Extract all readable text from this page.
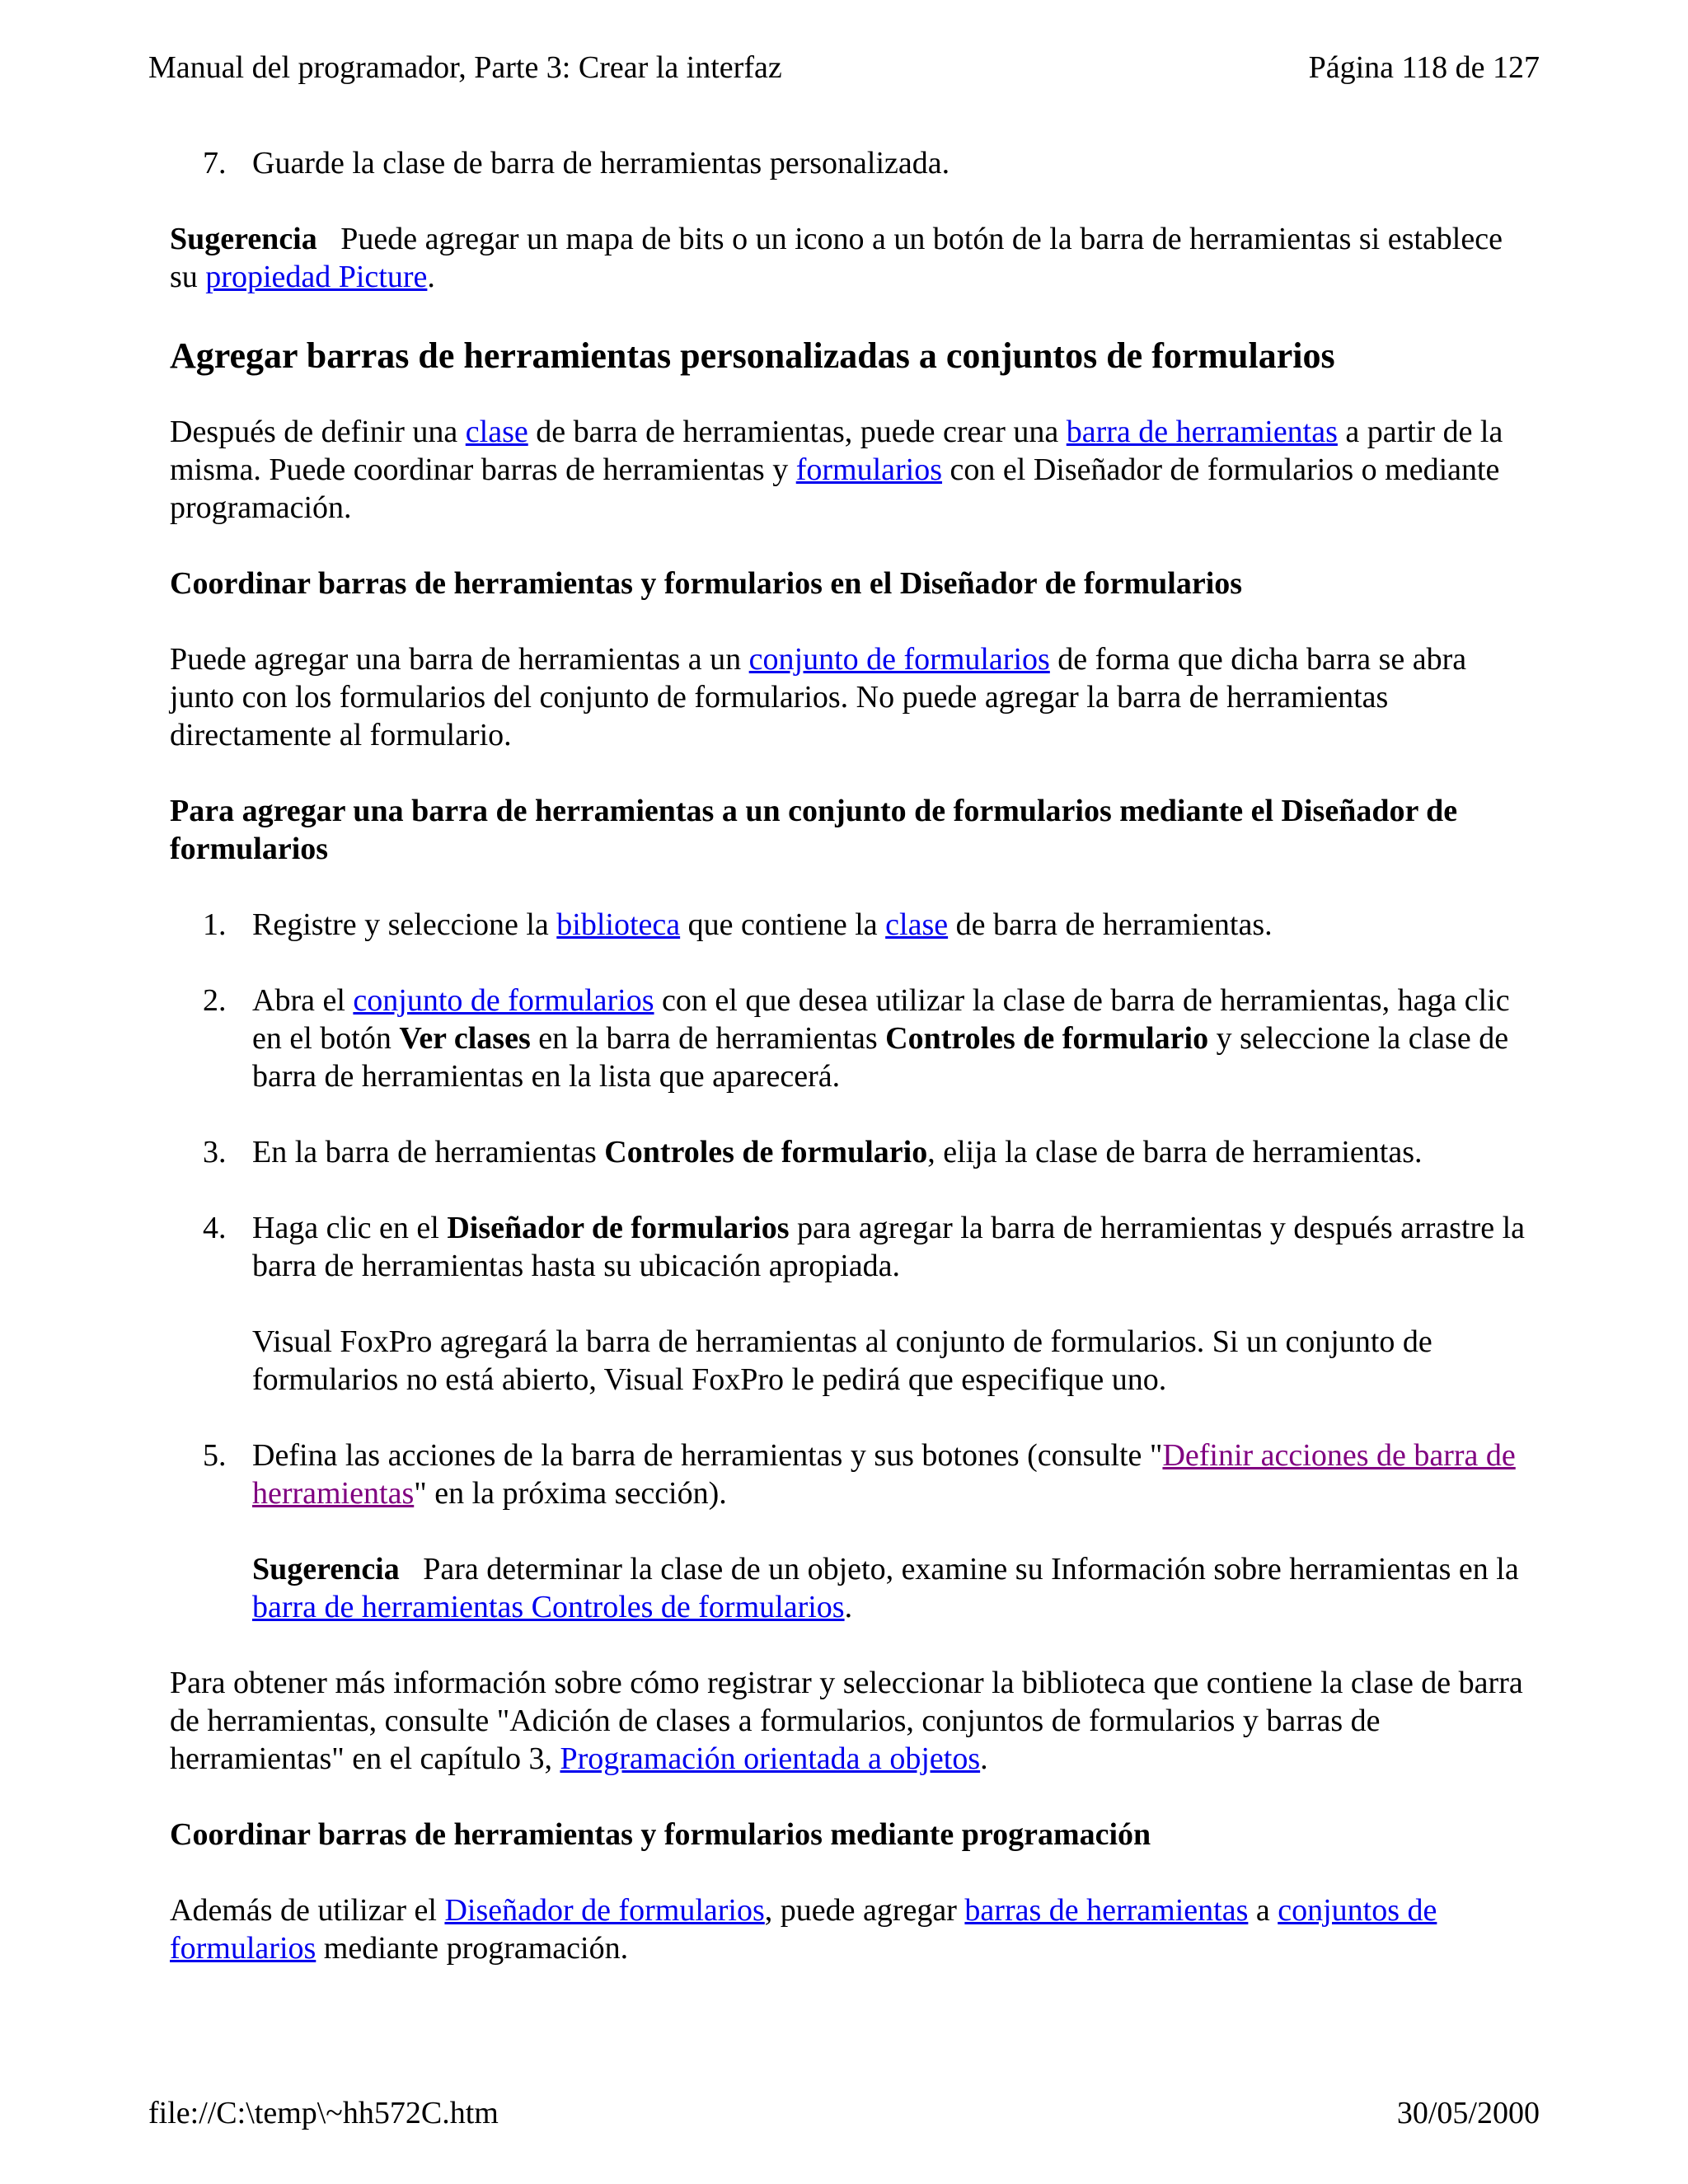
Manual del programador, Parte 3: Crear la interfaz	Página 118 de 127
7. Guarde la clase de barra de herramientas personalizada.

Sugerencia   Puede agregar un mapa de bits o un icono a un botón de la barra de herramientas si establece su propiedad Picture.

Agregar barras de herramientas personalizadas a conjuntos de formularios

Después de definir una clase de barra de herramientas, puede crear una barra de herramientas a partir de la misma. Puede coordinar barras de herramientas y formularios con el Diseñador de formularios o mediante programación.

Coordinar barras de herramientas y formularios en el Diseñador de formularios

Puede agregar una barra de herramientas a un conjunto de formularios de forma que dicha barra se abra junto con los formularios del conjunto de formularios. No puede agregar la barra de herramientas directamente al formulario.

Para agregar una barra de herramientas a un conjunto de formularios mediante el Diseñador de formularios
1. Registre y seleccione la biblioteca que contiene la clase de barra de herramientas.
2. Abra el conjunto de formularios con el que desea utilizar la clase de barra de herramientas, haga clic en el botón Ver clases en la barra de herramientas Controles de formulario y seleccione la clase de barra de herramientas en la lista que aparecerá.
3. En la barra de herramientas Controles de formulario, elija la clase de barra de herramientas.
4. Haga clic en el Diseñador de formularios para agregar la barra de herramientas y después arrastre la barra de herramientas hasta su ubicación apropiada.
Visual FoxPro agregará la barra de herramientas al conjunto de formularios. Si un conjunto de formularios no está abierto, Visual FoxPro le pedirá que especifique uno.
5. Defina las acciones de la barra de herramientas y sus botones (consulte "Definir acciones de barra de herramientas" en la próxima sección).
Sugerencia   Para determinar la clase de un objeto, examine su Información sobre herramientas en la barra de herramientas Controles de formularios.

Para obtener más información sobre cómo registrar y seleccionar la biblioteca que contiene la clase de barra de herramientas, consulte "Adición de clases a formularios, conjuntos de formularios y barras de herramientas" en el capítulo 3, Programación orientada a objetos.

Coordinar barras de herramientas y formularios mediante programación

Además de utilizar el Diseñador de formularios, puede agregar barras de herramientas a conjuntos de formularios mediante programación.

file://C:\temp\~hh572C.htm	30/05/2000
